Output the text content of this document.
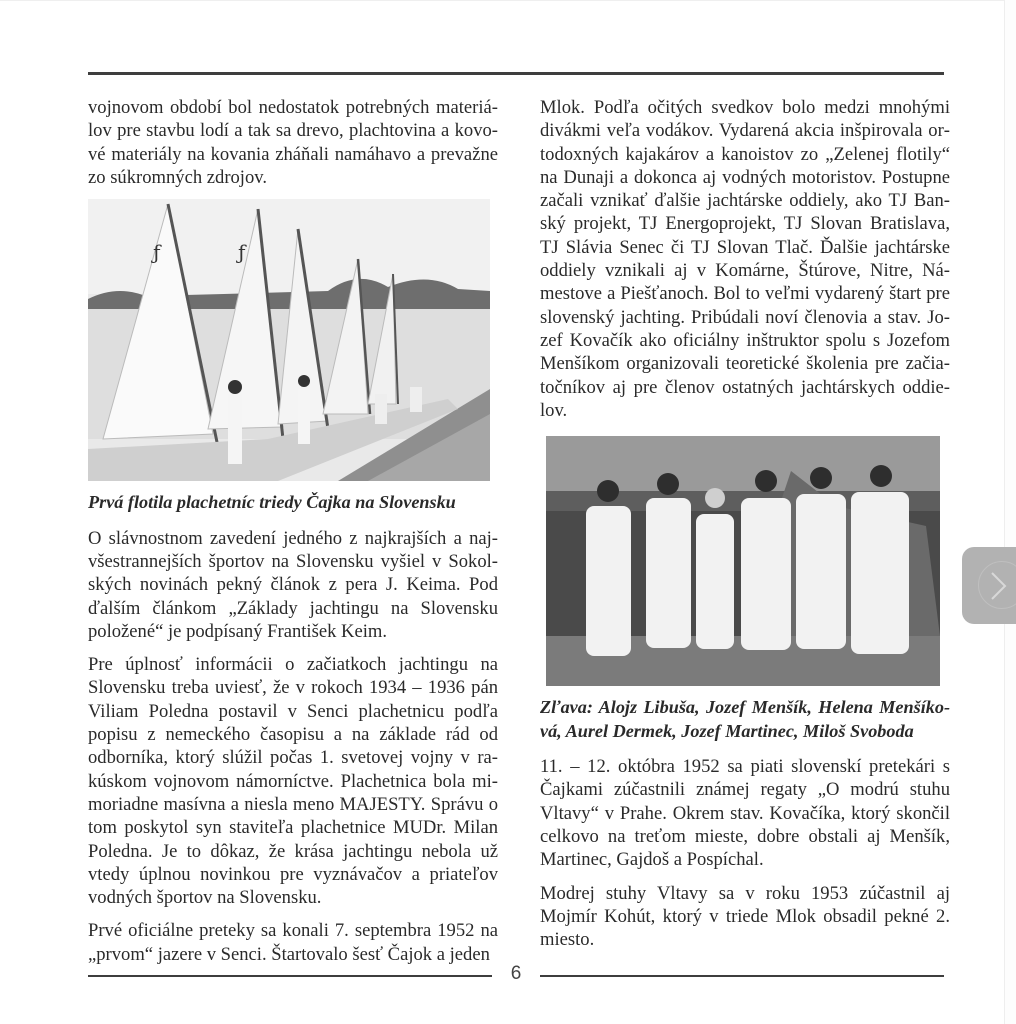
vojnovom období bol nedostatok potrebných materiálov pre stavbu lodí a tak sa drevo, plachtovina a kovové materiály na kovania zháňali namáhavo a prevažne zo súkromných zdrojov.

ƒ	ƒ
Prvá flotila plachetníc triedy Čajka na Slovensku

O slávnostnom zavedení jedného z najkrajších a najvšestrannejších športov na Slovensku vyšiel v Sokolských novinách pekný článok z pera J. Keima. Pod ďalším článkom „Základy jachtingu na Slovensku položené“ je podpísaný František Keim.

Pre úplnosť informácii o začiatkoch jachtingu na Slovensku treba uviesť, že v rokoch 1934 – 1936 pán Viliam Poledna postavil v Senci plachetnicu podľa popisu z nemeckého časopisu a na základe rád od odborníka, ktorý slúžil počas 1. svetovej vojny v rakúskom vojnovom námorníctve. Plachetnica bola mimoriadne masívna a niesla meno MAJESTY. Správu o tom poskytol syn staviteľa plachetnice MUDr. Milan Poledna. Je to dôkaz, že krása jachtingu nebola už vtedy úplnou novinkou pre vyznávačov a priateľov vodných športov na Slovensku.

Prvé oficiálne preteky sa konali 7. septembra 1952 na „prvom“ jazere v Senci. Štartovalo šesť Čajok a jeden

Mlok. Podľa očitých svedkov bolo medzi mnohými divákmi veľa vodákov. Vydarená akcia inšpirovala ortodoxných kajakárov a kanoistov zo „Zelenej flotily“ na Dunaji a dokonca aj vodných motoristov. Postupne začali vznikať ďalšie jachtárske oddiely, ako TJ Banský projekt, TJ Energoprojekt, TJ Slovan Bratislava, TJ Slávia Senec či TJ Slovan Tlač. Ďalšie jachtárske oddiely vznikali aj v Komárne, Štúrove, Nitre, Námestove a Piešťanoch. Bol to veľmi vydarený štart pre slovenský jachting. Pribúdali noví členovia a stav. Jozef Kovačík ako oficiálny inštruktor spolu s Jozefom Menšíkom organizovali teoretické školenia pre začiatočníkov aj pre členov ostatných jachtárskych oddielov.

Zľava: Alojz Libuša, Jozef Menšík, Helena Menšíková, Aurel Dermek, Jozef Martinec, Miloš Svoboda

11. – 12. októbra 1952 sa piati slovenskí pretekári s Čajkami zúčastnili známej regaty „O modrú stuhu Vltavy“ v Prahe. Okrem stav. Kovačíka, ktorý skončil celkovo na treťom mieste, dobre obstali aj Menšík, Martinec, Gajdoš a Pospíchal.

Modrej stuhy Vltavy sa v roku 1953 zúčastnil aj Mojmír Kohút, ktorý v triede Mlok obsadil pekné 2. miesto.

6
